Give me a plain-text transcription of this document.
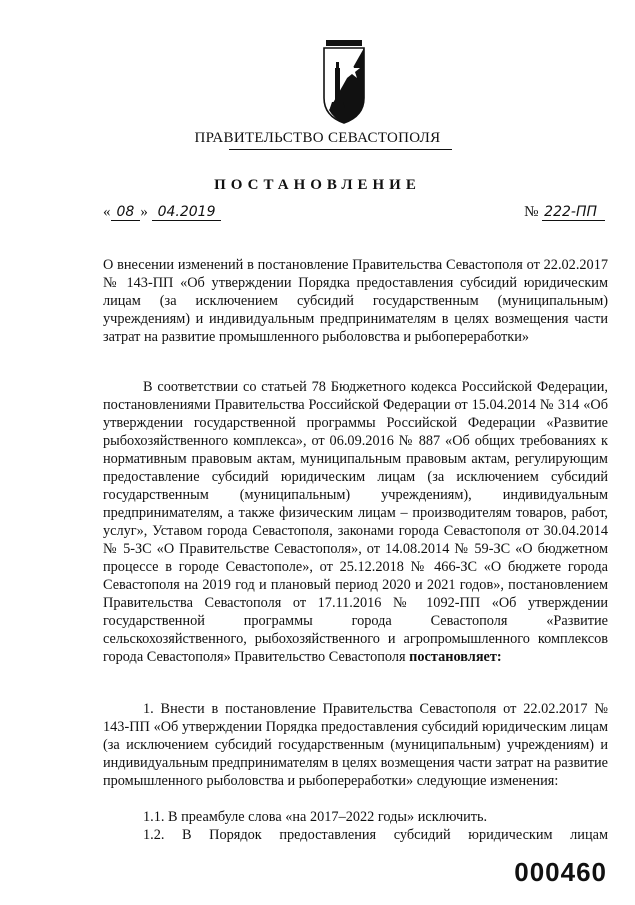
ПРАВИТЕЛЬСТВО СЕВАСТОПОЛЯ
ПОСТАНОВЛЕНИЕ
« 08 » 04.2019	№ 222-ПП
О внесении изменений в постановление Правительства Севастополя от 22.02.2017 № 143-ПП «Об утверждении Порядка предоставления субсидий юридическим лицам (за исключением субсидий государственным (муниципальным) учреждениям) и индивидуальным предпринимателям в целях возмещения части затрат на развитие промышленного рыболовства и рыбопереработки»
В соответствии со статьей 78 Бюджетного кодекса Российской Федерации, постановлениями Правительства Российской Федерации от 15.04.2014 № 314 «Об утверждении государственной программы Российской Федерации «Развитие рыбохозяйственного комплекса», от 06.09.2016 № 887 «Об общих требованиях к нормативным правовым актам, муниципальным правовым актам, регулирующим предоставление субсидий юридическим лицам (за исключением субсидий государственным (муниципальным) учреждениям), индивидуальным предпринимателям, а также физическим лицам – производителям товаров, работ, услуг», Уставом города Севастополя, законами города Севастополя от 30.04.2014 № 5-ЗС «О Правительстве Севастополя», от 14.08.2014 № 59-ЗС «О бюджетном процессе в городе Севастополе», от 25.12.2018 № 466-ЗС «О бюджете города Севастополя на 2019 год и плановый период 2020 и 2021 годов», постановлением Правительства Севастополя от 17.11.2016 № 1092-ПП «Об утверждении государственной программы города Севастополя «Развитие сельскохозяйственного, рыбохозяйственного и агропромышленного комплексов города Севастополя» Правительство Севастополя постановляет:
1. Внести в постановление Правительства Севастополя от 22.02.2017 № 143-ПП «Об утверждении Порядка предоставления субсидий юридическим лицам (за исключением субсидий государственным (муниципальным) учреждениям) и индивидуальным предпринимателям в целях возмещения части затрат на развитие промышленного рыболовства и рыбопереработки» следующие изменения:
1.1. В преамбуле слова «на 2017–2022 годы» исключить.
1.2. В Порядок предоставления субсидий юридическим лицам
000460
